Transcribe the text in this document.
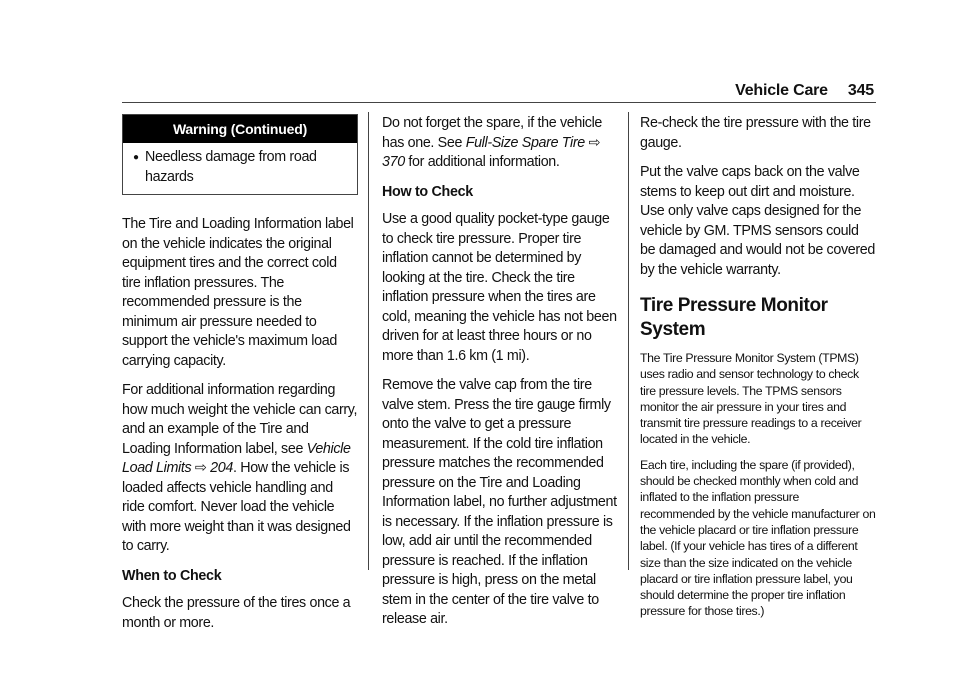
Vehicle Care 345
Warning (Continued)
● Needless damage from road hazards

The Tire and Loading Information label on the vehicle indicates the original equipment tires and the correct cold tire inflation pressures. The recommended pressure is the minimum air pressure needed to support the vehicle's maximum load carrying capacity.

For additional information regarding how much weight the vehicle can carry, and an example of the Tire and Loading Information label, see Vehicle Load Limits ⇨ 204. How the vehicle is loaded affects vehicle handling and ride comfort. Never load the vehicle with more weight than it was designed to carry.

When to Check

Check the pressure of the tires once a month or more.

Do not forget the spare, if the vehicle has one. See Full-Size Spare Tire ⇨ 370 for additional information.

How to Check

Use a good quality pocket-type gauge to check tire pressure. Proper tire inflation cannot be determined by looking at the tire. Check the tire inflation pressure when the tires are cold, meaning the vehicle has not been driven for at least three hours or no more than 1.6 km (1 mi).

Remove the valve cap from the tire valve stem. Press the tire gauge firmly onto the valve to get a pressure measurement. If the cold tire inflation pressure matches the recommended pressure on the Tire and Loading Information label, no further adjustment is necessary. If the inflation pressure is low, add air until the recommended pressure is reached. If the inflation pressure is high, press on the metal stem in the center of the tire valve to release air.

Re-check the tire pressure with the tire gauge.

Put the valve caps back on the valve stems to keep out dirt and moisture. Use only valve caps designed for the vehicle by GM. TPMS sensors could be damaged and would not be covered by the vehicle warranty.

Tire Pressure Monitor System

The Tire Pressure Monitor System (TPMS) uses radio and sensor technology to check tire pressure levels. The TPMS sensors monitor the air pressure in your tires and transmit tire pressure readings to a receiver located in the vehicle.

Each tire, including the spare (if provided), should be checked monthly when cold and inflated to the inflation pressure recommended by the vehicle manufacturer on the vehicle placard or tire inflation pressure label. (If your vehicle has tires of a different size than the size indicated on the vehicle placard or tire inflation pressure label, you should determine the proper tire inflation pressure for those tires.)
